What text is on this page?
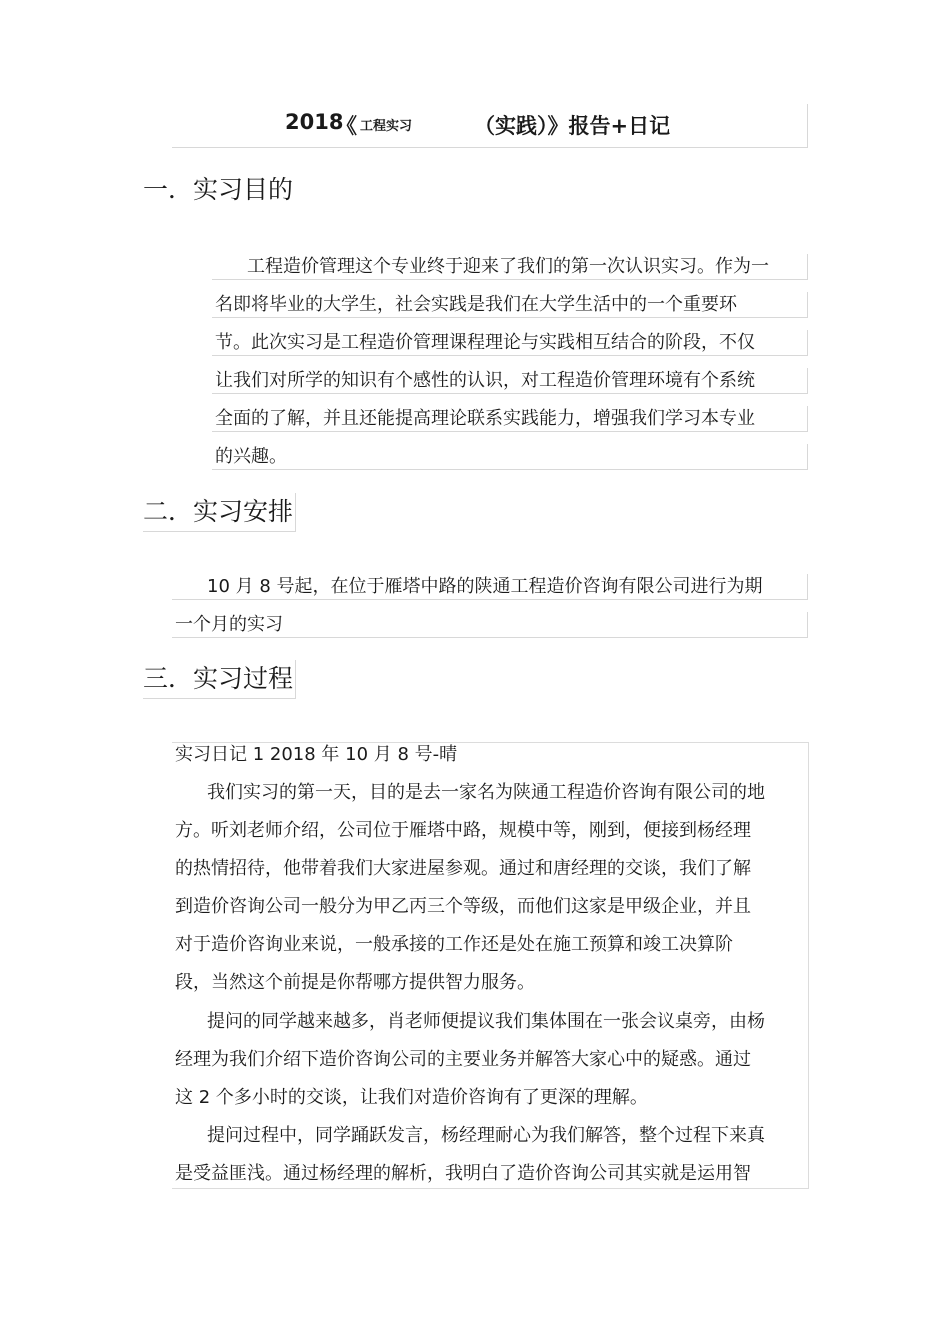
2018
《 工程实习	（实践）》报告+日记
一．实习目的
工程造价管理这个专业终于迎来了我们的第一次认识实习。作为一
名即将毕业的大学生，社会实践是我们在大学生活中的一个重要环
节。此次实习是工程造价管理课程理论与实践相互结合的阶段，不仅
让我们对所学的知识有个感性的认识，对工程造价管理环境有个系统
全面的了解，并且还能提高理论联系实践能力，增强我们学习本专业
的兴趣。
二．实习安排
10 月 8 号起，在位于雁塔中路的陕通工程造价咨询有限公司进行为期
一个月的实习
三．实习过程
实习日记 1 2018 年 10 月 8 号-晴
我们实习的第一天，目的是去一家名为陕通工程造价咨询有限公司的地
方。听刘老师介绍，公司位于雁塔中路，规模中等，刚到，便接到杨经理
的热情招待，他带着我们大家进屋参观。通过和唐经理的交谈，我们了解
到造价咨询公司一般分为甲乙丙三个等级，而他们这家是甲级企业，并且
对于造价咨询业来说，一般承接的工作还是处在施工预算和竣工决算阶
段，当然这个前提是你帮哪方提供智力服务。
提问的同学越来越多，肖老师便提议我们集体围在一张会议桌旁，由杨
经理为我们介绍下造价咨询公司的主要业务并解答大家心中的疑惑。通过
这 2 个多小时的交谈，让我们对造价咨询有了更深的理解。
提问过程中，同学踊跃发言，杨经理耐心为我们解答，整个过程下来真
是受益匪浅。通过杨经理的解析，我明白了造价咨询公司其实就是运用智
